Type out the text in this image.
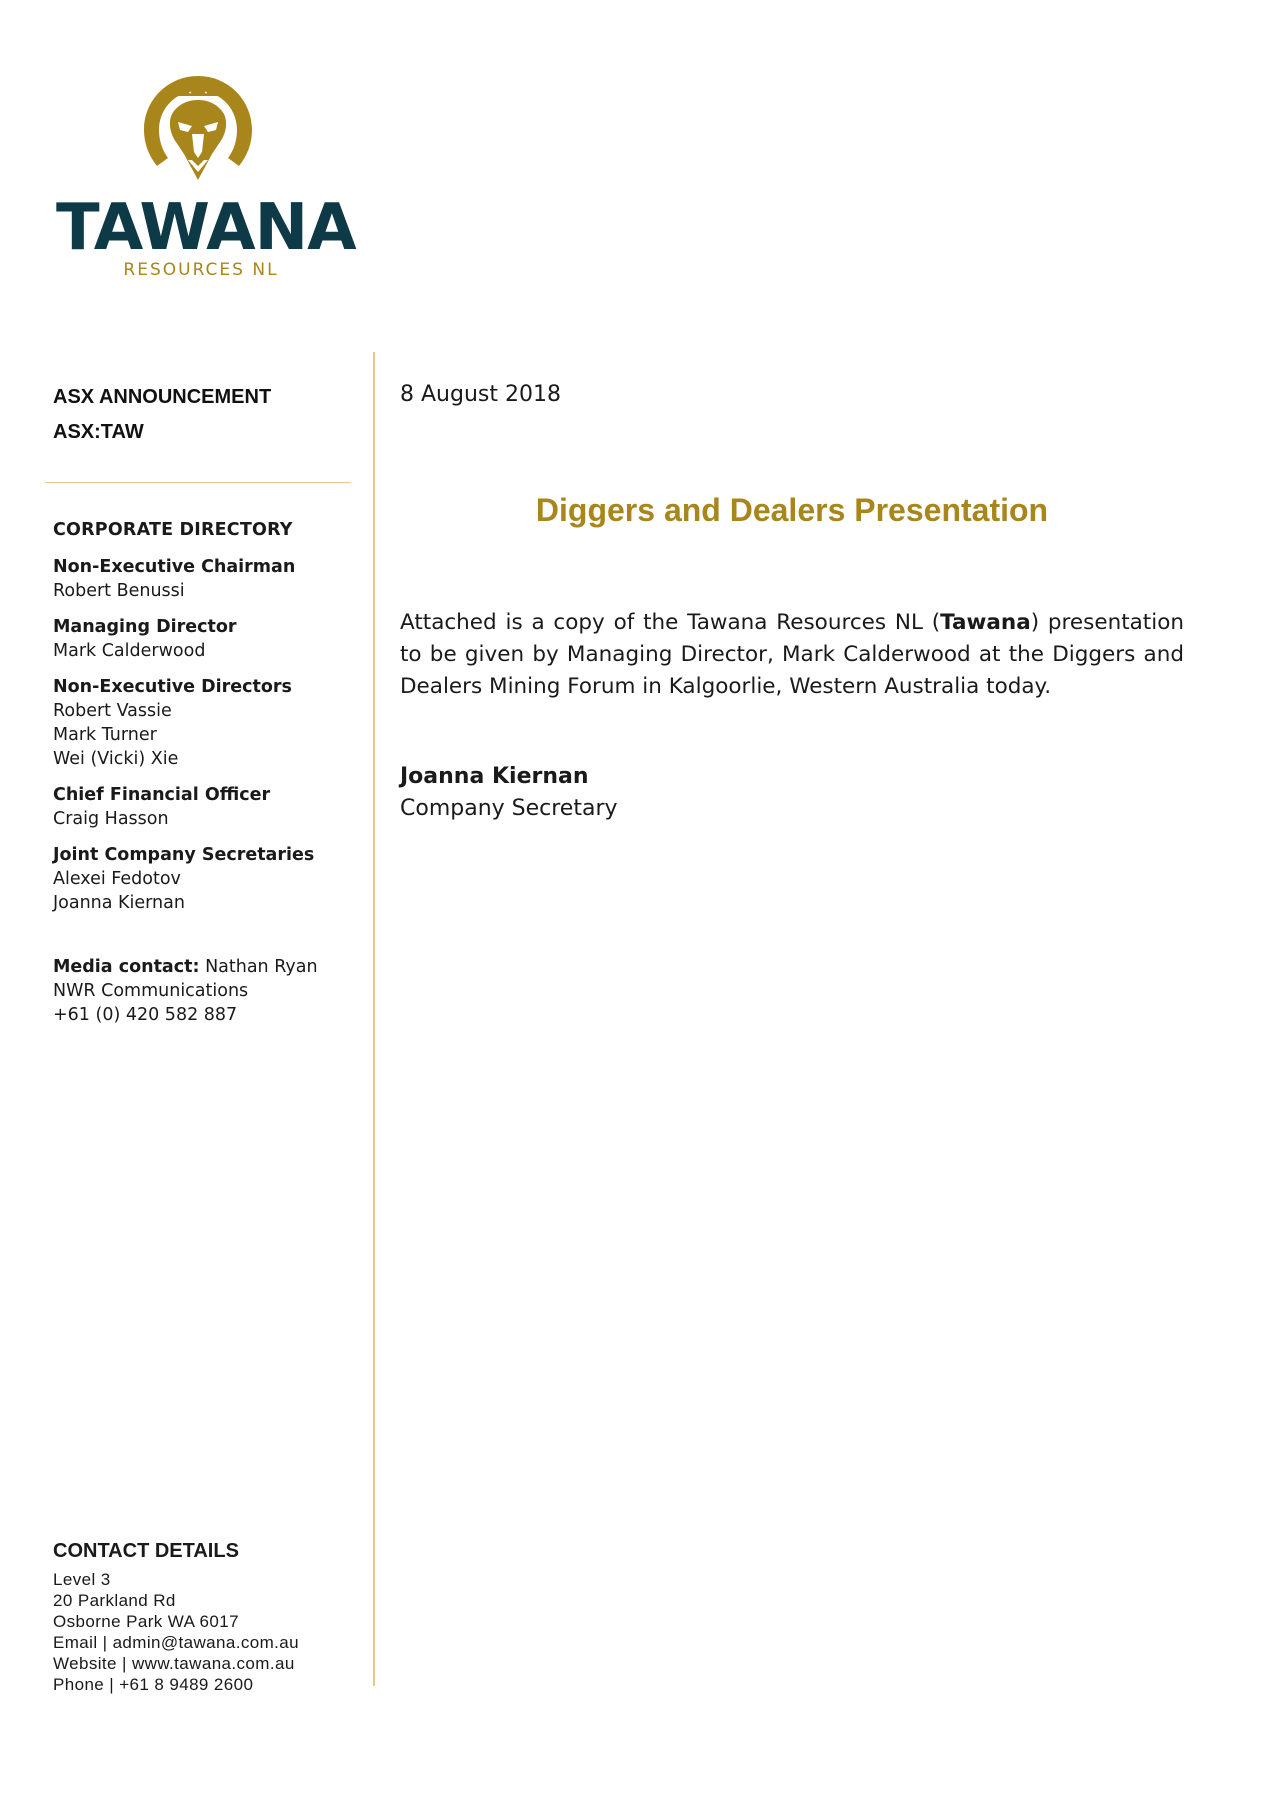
TAWANA
RESOURCES NL
ASX ANNOUNCEMENT
ASX:TAW
CORPORATE DIRECTORY
Non-Executive Chairman
Robert Benussi
Managing Director
Mark Calderwood
Non-Executive Directors
Robert Vassie
Mark Turner
Wei (Vicki) Xie
Chief Financial Officer
Craig Hasson
Joint Company Secretaries
Alexei Fedotov
Joanna Kiernan
Media contact: Nathan Ryan
NWR Communications
+61 (0) 420 582 887
CONTACT DETAILS
Level 3
20 Parkland Rd
Osborne Park WA 6017
Email | admin@tawana.com.au
Website | www.tawana.com.au
Phone | +61 8 9489 2600
8 August 2018
Diggers and Dealers Presentation
Attached is a copy of the Tawana Resources NL (Tawana) presentation to be given by Managing Director, Mark Calderwood at the Diggers and Dealers Mining Forum in Kalgoorlie, Western Australia today.
Joanna Kiernan
Company Secretary
